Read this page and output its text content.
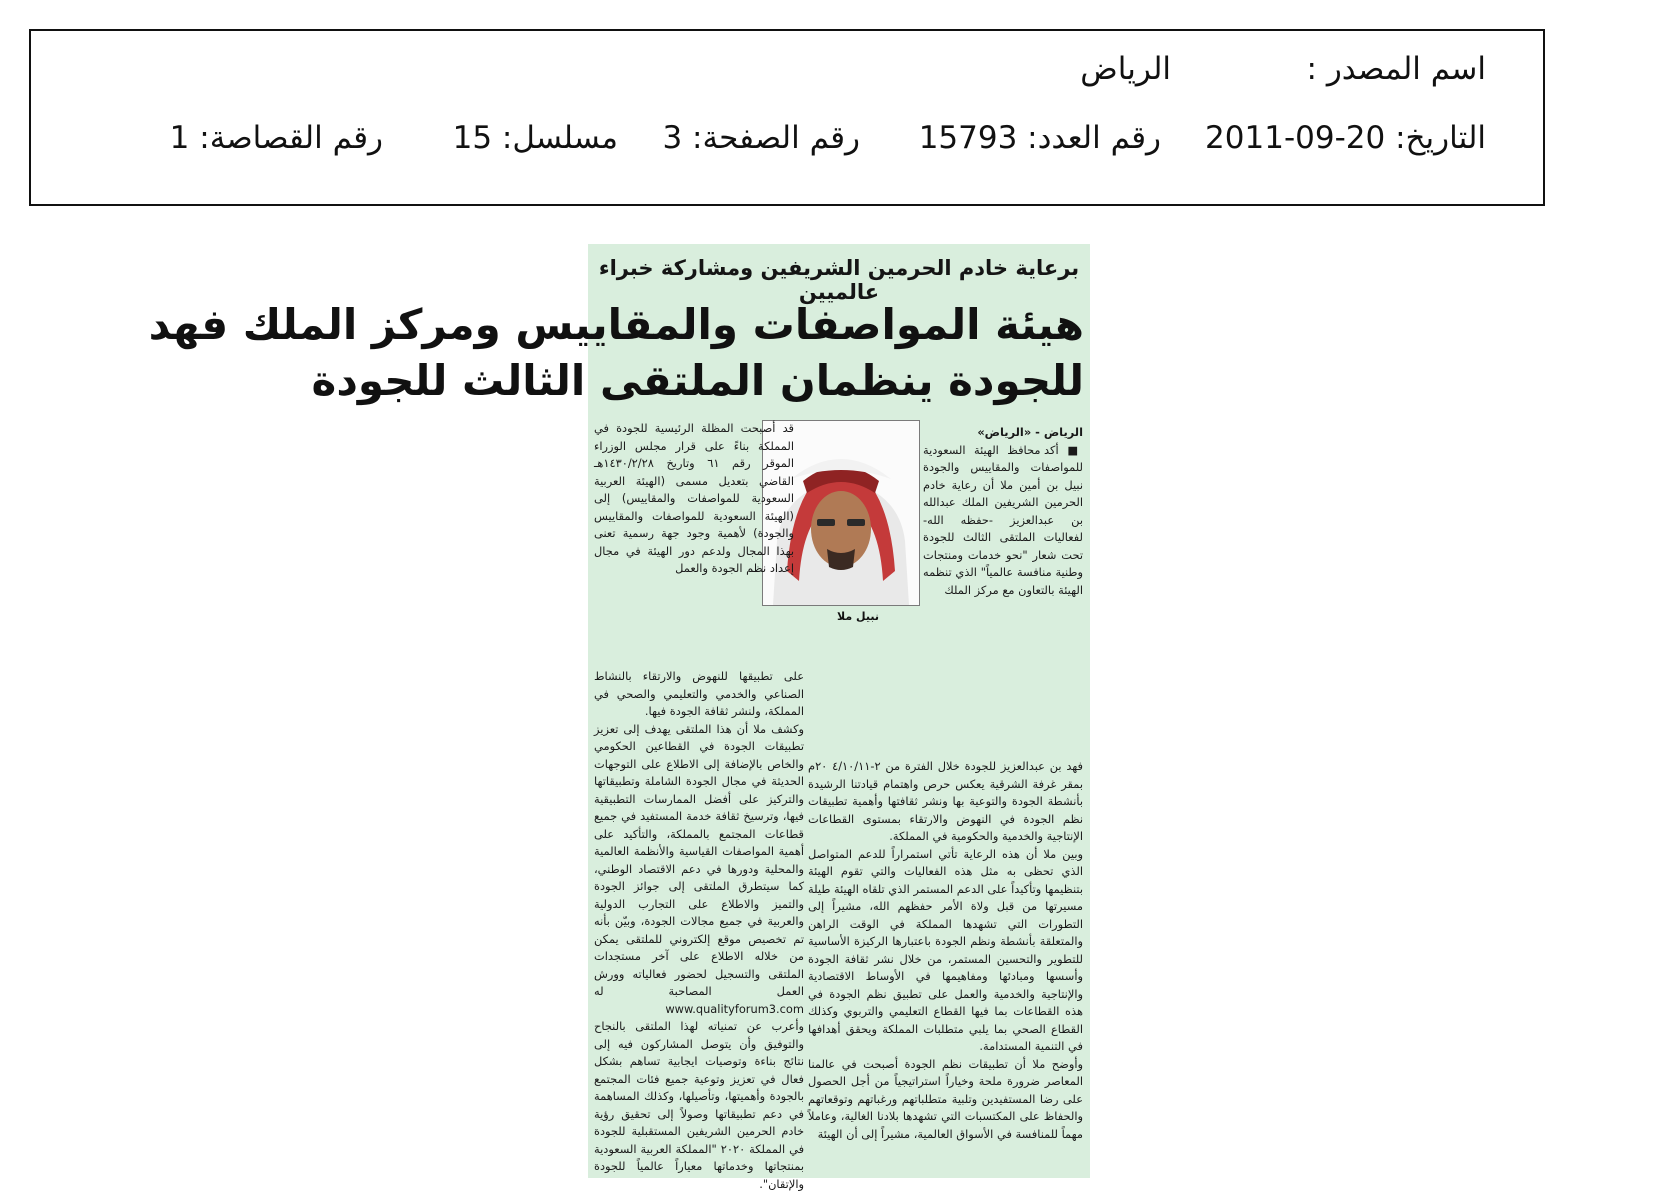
اسم المصدر :
الرياض
التاريخ: 20-09-2011
رقم العدد: 15793
رقم الصفحة: 3
مسلسل: 15
رقم القصاصة: 1
برعاية خادم الحرمين الشريفين ومشاركة خبراء عالميين
هيئة المواصفات والمقاييس ومركز الملك فهد
للجودة ينظمان الملتقى الثالث للجودة

الرياض - «الرياض»

■ أكد محافظ الهيئة السعودية للمواصفات والمقاييس والجودة نبيل بن أمين ملا أن رعاية خادم الحرمين الشريفين الملك عبدالله بن عبدالعزيز -حفظه الله- لفعاليات الملتقى الثالث للجودة تحت شعار "نحو خدمات ومنتجات وطنية منافسة عالمياً" الذي تنظمه الهيئة بالتعاون مع مركز الملك

نبيل ملا

فهد بن عبدالعزيز للجودة خلال الفترة من ٢-٤/١٠/١١ ٢٠م بمقر غرفة الشرقية يعكس حرص واهتمام قيادتنا الرشيدة بأنشطة الجودة والتوعية بها ونشر ثقافتها وأهمية تطبيقات نظم الجودة في النهوض والارتقاء بمستوى القطاعات الإنتاجية والخدمية والحكومية في المملكة.

وبين ملا أن هذه الرعاية تأتي استمراراً للدعم المتواصل الذي تحظى به مثل هذه الفعاليات والتي تقوم الهيئة بتنظيمها وتأكيداً على الدعم المستمر الذي تلقاه الهيئة طيلة مسيرتها من قبل ولاة الأمر حفظهم الله، مشيراً إلى التطورات التي تشهدها المملكة في الوقت الراهن والمتعلقة بأنشطة ونظم الجودة باعتبارها الركيزة الأساسية للتطوير والتحسين المستمر، من خلال نشر ثقافة الجودة وأسسها ومبادئها ومفاهيمها في الأوساط الاقتصادية والإنتاجية والخدمية والعمل على تطبيق نظم الجودة في هذه القطاعات بما فيها القطاع التعليمي والتربوي وكذلك القطاع الصحي بما يلبي متطلبات المملكة ويحقق أهدافها في التنمية المستدامة.

وأوضح ملا أن تطبيقات نظم الجودة أصبحت في عالمنا المعاصر ضرورة ملحة وخياراً استراتيجياً من أجل الحصول على رضا المستفيدين وتلبية متطلباتهم ورغباتهم وتوقعاتهم والحفاظ على المكتسبات التي تشهدها بلادنا الغالية، وعاملاً مهماً للمنافسة في الأسواق العالمية، مشيراً إلى أن الهيئة

قد أصبحت المظلة الرئيسية للجودة في المملكة بناءً على قرار مجلس الوزراء الموقر رقم ٦١ وتاريخ ١٤٣٠/٢/٢٨هـ القاضي بتعديل مسمى (الهيئة العربية السعودية للمواصفات والمقاييس) إلى (الهيئة السعودية للمواصفات والمقاييس والجودة) لأهمية وجود جهة رسمية تعنى بهذا المجال ولدعم دور الهيئة في مجال إعداد نظم الجودة والعمل

على تطبيقها للنهوض والارتقاء بالنشاط الصناعي والخدمي والتعليمي والصحي في المملكة، ولنشر ثقافة الجودة فيها.

وكشف ملا أن هذا الملتقى يهدف إلى تعزيز تطبيقات الجودة في القطاعين الحكومي والخاص بالإضافة إلى الاطلاع على التوجهات الحديثة في مجال الجودة الشاملة وتطبيقاتها والتركيز على أفضل الممارسات التطبيقية فيها، وترسيخ ثقافة خدمة المستفيد في جميع قطاعات المجتمع بالمملكة، والتأكيد على أهمية المواصفات القياسية والأنظمة العالمية والمحلية ودورها في دعم الاقتصاد الوطني، كما سيتطرق الملتقى إلى جوائز الجودة والتميز والاطلاع على التجارب الدولية والعربية في جميع مجالات الجودة، وبيّن بأنه تم تخصيص موقع إلكتروني للملتقى يمكن من خلاله الاطلاع على آخر مستجدات الملتقى والتسجيل لحضور فعالياته وورش العمل المصاحبة له www.qualityforum3.com

وأعرب عن تمنياته لهذا الملتقى بالنجاح والتوفيق وأن يتوصل المشاركون فيه إلى نتائج بناءة وتوصيات ايجابية تساهم بشكل فعال في تعزيز وتوعية جميع فئات المجتمع بالجودة وأهميتها، وتأصيلها، وكذلك المساهمة في دعم تطبيقاتها وصولاً إلى تحقيق رؤية خادم الحرمين الشريفين المستقبلية للجودة في المملكة ٢٠٢٠ "المملكة العربية السعودية بمنتجاتها وخدماتها معياراً عالمياً للجودة والإتقان".
